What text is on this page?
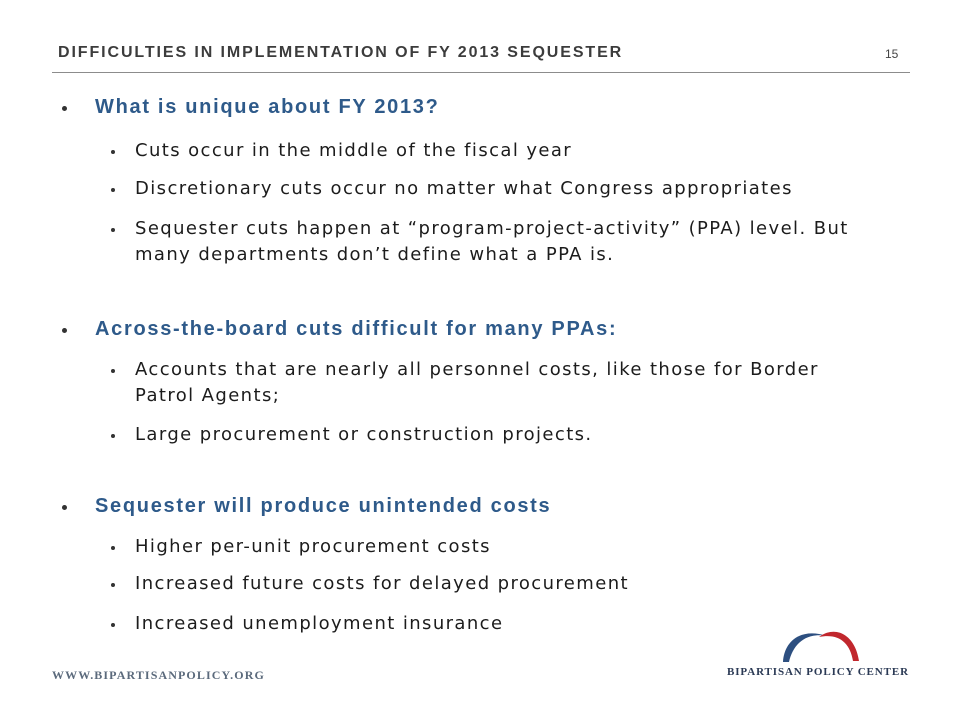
DIFFICULTIES IN IMPLEMENTATION OF FY 2013 SEQUESTER	15
What is unique about FY 2013?
Cuts occur in the middle of the fiscal year
Discretionary cuts occur no matter what Congress appropriates
Sequester cuts happen at “program-project-activity” (PPA) level. But many departments don’t define what a PPA is.
Across-the-board cuts difficult for many PPAs:
Accounts that are nearly all personnel costs, like those for Border Patrol Agents;
Large procurement or construction projects.
Sequester will produce unintended costs
Higher per-unit procurement costs
Increased future costs for delayed procurement
Increased unemployment insurance
WWW.BIPARTISANPOLICY.ORG	BIPARTISAN POLICY CENTER
